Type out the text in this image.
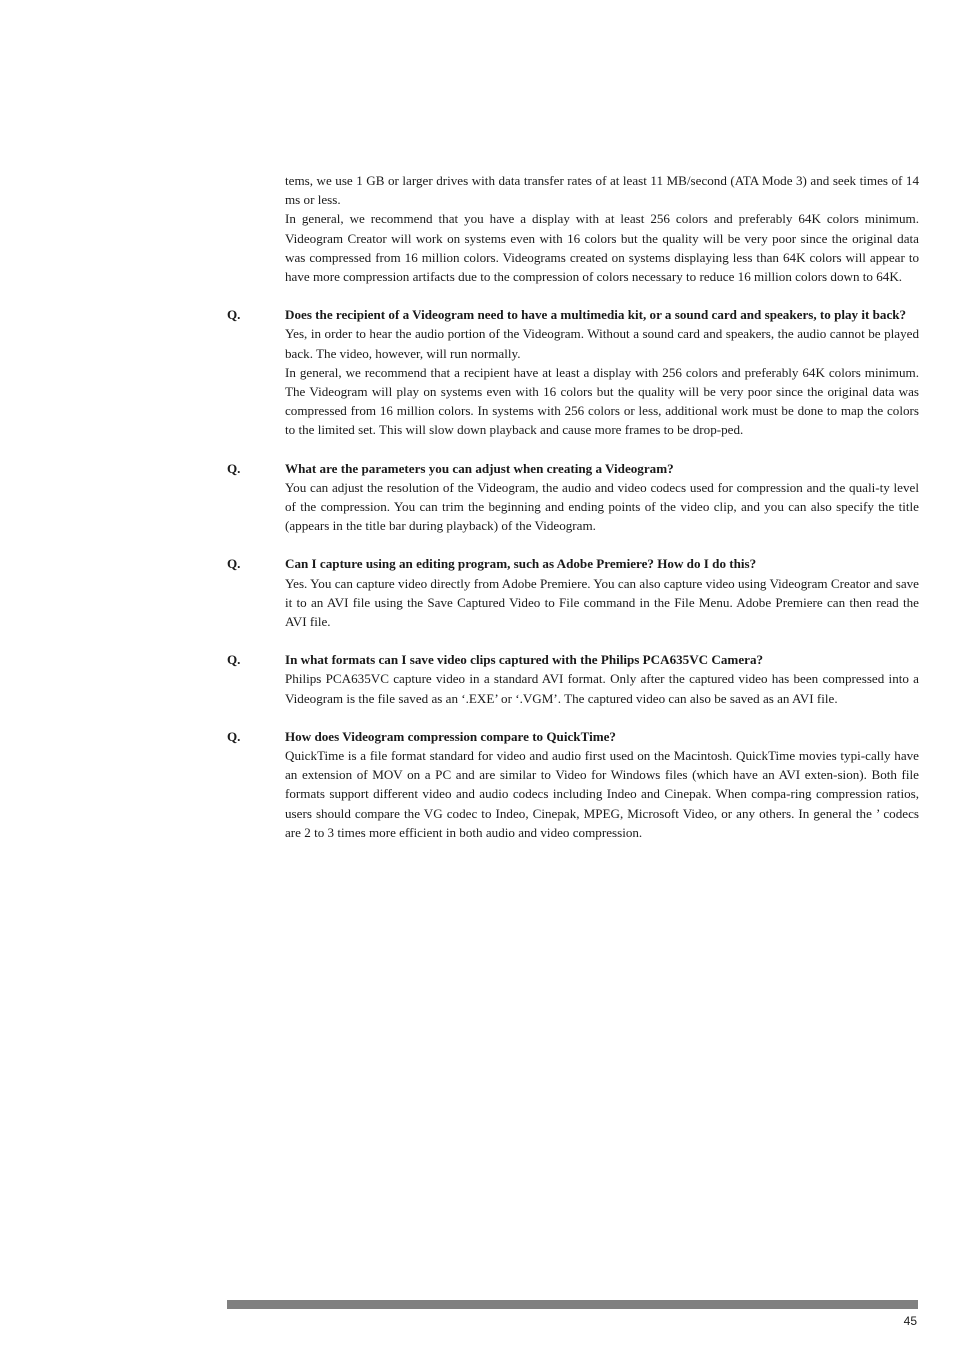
tems, we use 1 GB or larger drives with data transfer rates of at least 11 MB/second (ATA Mode 3) and seek times of 14 ms or less.

In general, we recommend that you have a display with at least 256 colors and preferably 64K colors minimum. Videogram Creator will work on systems even with 16 colors but the quality will be very poor since the original data was compressed from 16 million colors. Videograms created on systems displaying less than 64K colors will appear to have more compression artifacts due to the compression of colors necessary to reduce 16 million colors down to 64K.

Q.	Does the recipient of a Videogram need to have a multimedia kit, or a sound card and speakers, to play it back?

Yes, in order to hear the audio portion of the Videogram. Without a sound card and speakers, the audio cannot be played back. The video, however, will run normally.

In general, we recommend that a recipient have at least a display with 256 colors and preferably 64K colors minimum. The Videogram will play on systems even with 16 colors but the quality will be very poor since the original data was compressed from 16 million colors. In systems with 256 colors or less, additional work must be done to map the colors to the limited set. This will slow down playback and cause more frames to be drop-ped.

Q.	What are the parameters you can adjust when creating a Videogram?

You can adjust the resolution of the Videogram, the audio and video codecs used for compression and the quali-ty level of the compression. You can trim the beginning and ending points of the video clip, and you can also specify the title (appears in the title bar during playback) of the Videogram.

Q.	Can I capture using an editing program, such as Adobe Premiere? How do I do this?

Yes. You can capture video directly from Adobe Premiere. You can also capture video using Videogram Creator and save it to an AVI file using the Save Captured Video to File command in the File Menu. Adobe Premiere can then read the AVI file.

Q.	In what formats can I save video clips captured with the Philips PCA635VC Camera?

Philips PCA635VC capture video in a standard AVI format. Only after the captured video has been compressed into a Videogram is the file saved as an ‘.EXE’ or ‘.VGM’. The captured video can also be saved as an AVI file.

Q.	How does Videogram compression compare to QuickTime?

QuickTime is a file format standard for video and audio first used on the Macintosh. QuickTime movies typi-cally have an extension of MOV on a PC and are similar to Video for Windows files (which have an AVI exten-sion). Both file formats support different video and audio codecs including Indeo and Cinepak. When compa-ring compression ratios, users should compare the VG codec to Indeo, Cinepak, MPEG, Microsoft Video, or any others. In general the ’ codecs are 2 to 3 times more efficient in both audio and video compression.

45
